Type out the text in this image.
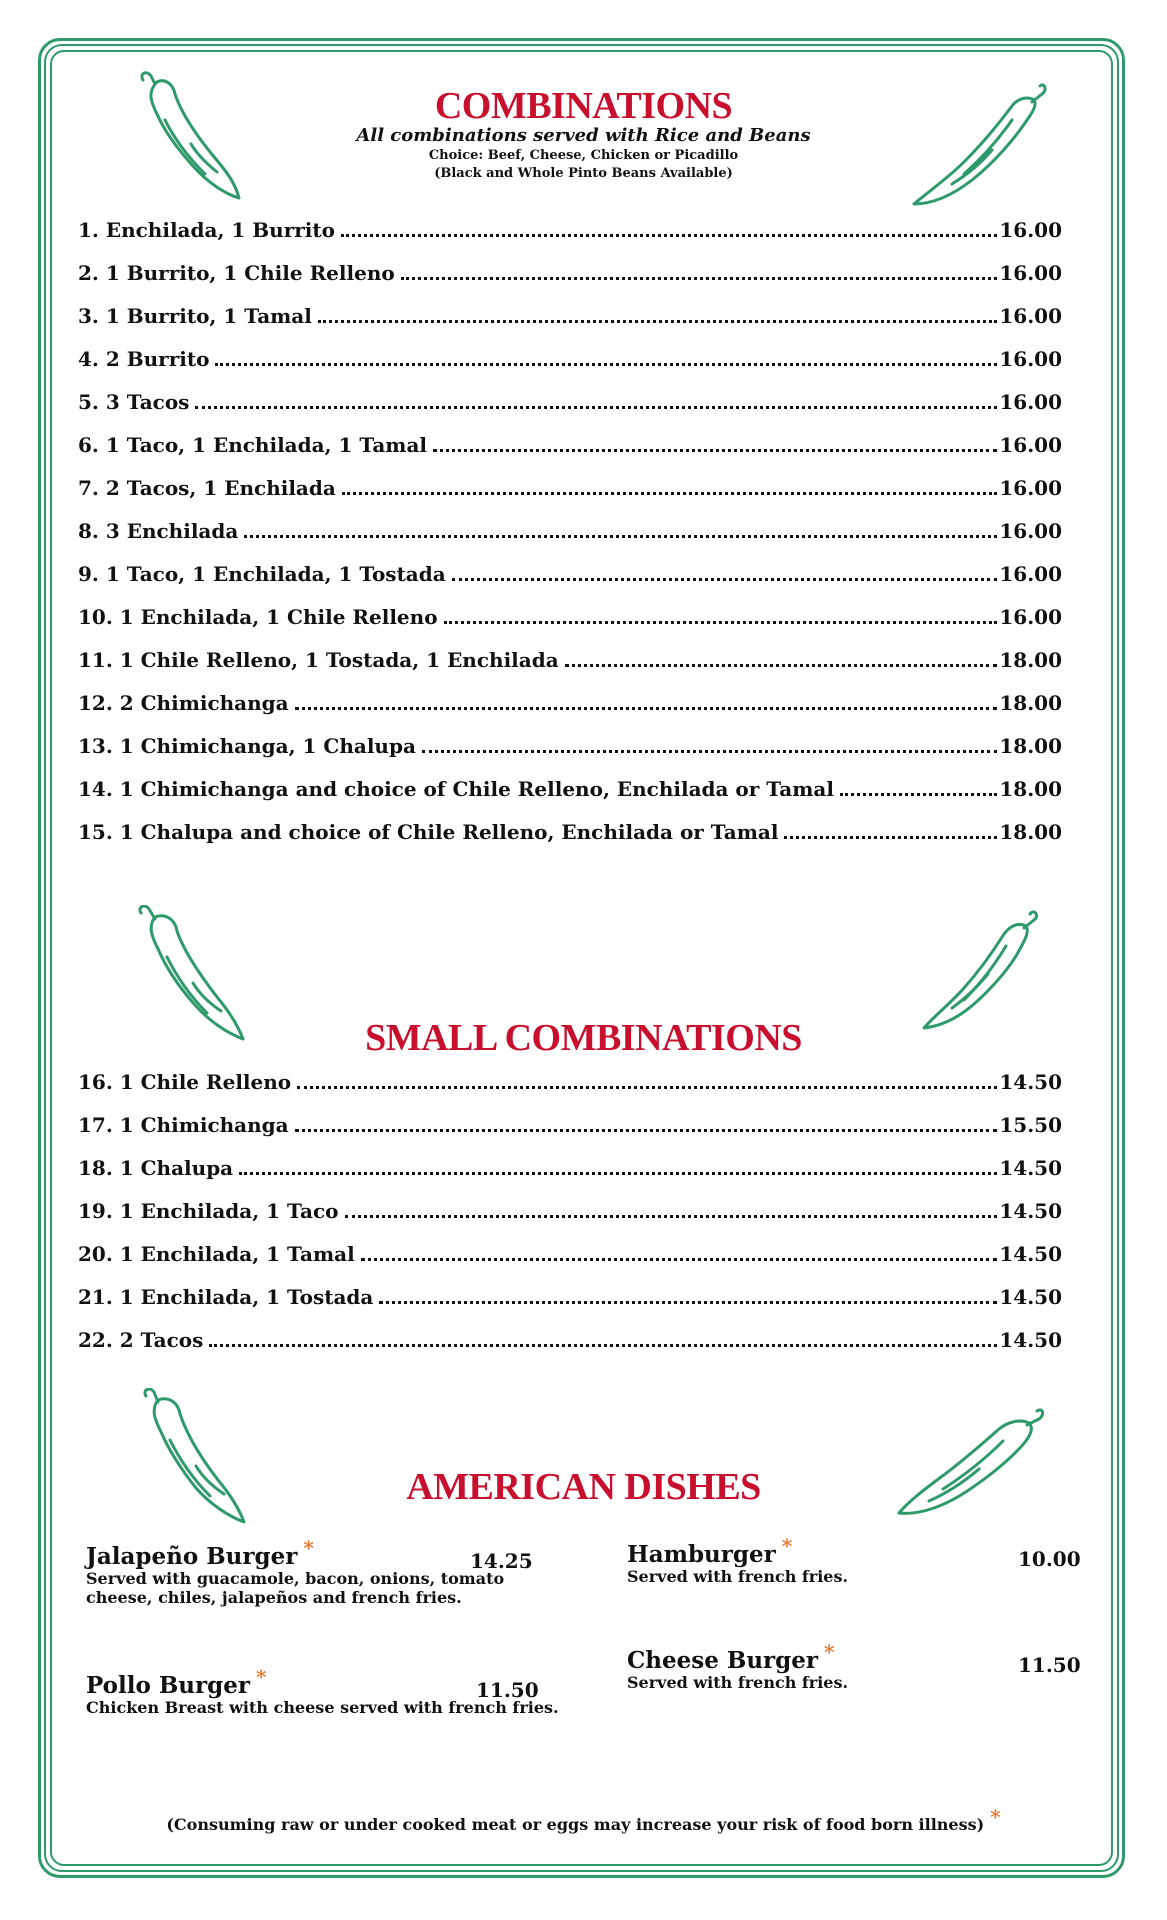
COMBINATIONS
All combinations served with Rice and Beans
Choice: Beef, Cheese, Chicken or Picadillo
(Black and Whole Pinto Beans Available)
1. Enchilada, 1 Burrito	16.00
2. 1 Burrito, 1 Chile Relleno	16.00
3. 1 Burrito, 1 Tamal	16.00
4. 2 Burrito	16.00
5. 3 Tacos	16.00
6. 1 Taco, 1 Enchilada, 1 Tamal	16.00
7. 2 Tacos, 1 Enchilada	16.00
8. 3 Enchilada	16.00
9. 1 Taco, 1 Enchilada, 1 Tostada	16.00
10. 1 Enchilada, 1 Chile Relleno	16.00
11. 1 Chile Relleno, 1 Tostada, 1 Enchilada	18.00
12. 2 Chimichanga	18.00
13. 1 Chimichanga, 1 Chalupa	18.00
14. 1 Chimichanga and choice of Chile Relleno, Enchilada or Tamal	18.00
15. 1 Chalupa and choice of Chile Relleno, Enchilada or Tamal	18.00
SMALL COMBINATIONS
16. 1 Chile Relleno	14.50
17. 1 Chimichanga	15.50
18. 1 Chalupa	14.50
19. 1 Enchilada, 1 Taco	14.50
20. 1 Enchilada, 1 Tamal	14.50
21. 1 Enchilada, 1 Tostada	14.50
22. 2 Tacos	14.50
AMERICAN DISHES
Jalapeño Burger *
Served with guacamole, bacon, onions, tomato
cheese, chiles, jalapeños and french fries.
14.25	Hamburger *
Served with french fries.
10.00
Pollo Burger *
Chicken Breast with cheese served with french fries.
11.50
Cheese Burger *
Served with french fries.
11.50
(Consuming raw or under cooked meat or eggs may increase your risk of food born illness) *
